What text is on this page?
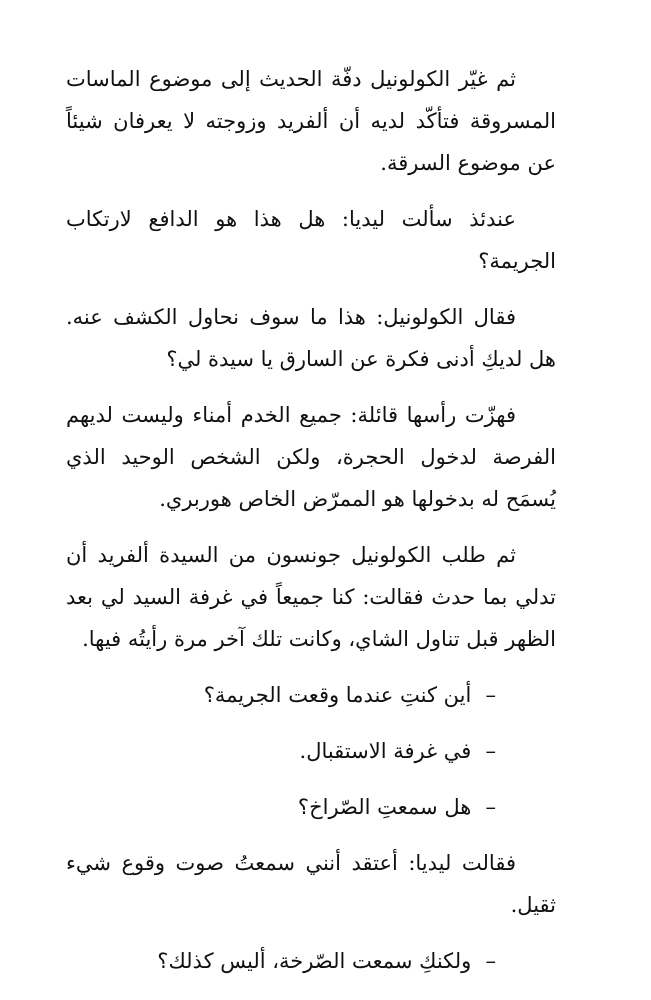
ثم غيّر الكولونيل دفّة الحديث إلى موضوع الماسات المسروقة فتأكّد لديه أن ألفريد وزوجته لا يعرفان شيئاً عن موضوع السرقة.

عندئذ سألت ليديا: هل هذا هو الدافع لارتكاب الجريمة؟

فقال الكولونيل: هذا ما سوف نحاول الكشف عنه. هل لديكِ أدنى فكرة عن السارق يا سيدة لي؟

فهزّت رأسها قائلة: جميع الخدم أمناء وليست لديهم الفرصة لدخول الحجرة، ولكن الشخص الوحيد الذي يُسمَح له بدخولها هو الممرّض الخاص هوربري.

ثم طلب الكولونيل جونسون من السيدة ألفريد أن تدلي بما حدث فقالت: كنا جميعاً في غرفة السيد لي بعد الظهر قبل تناول الشاي، وكانت تلك آخر مرة رأيتُه فيها.

– أين كنتِ عندما وقعت الجريمة؟

– في غرفة الاستقبال.

– هل سمعتِ الصّراخ؟

فقالت ليديا: أعتقد أنني سمعتُ صوت وقوع شيء ثقيل.

– ولكنكِ سمعت الصّرخة، أليس كذلك؟
